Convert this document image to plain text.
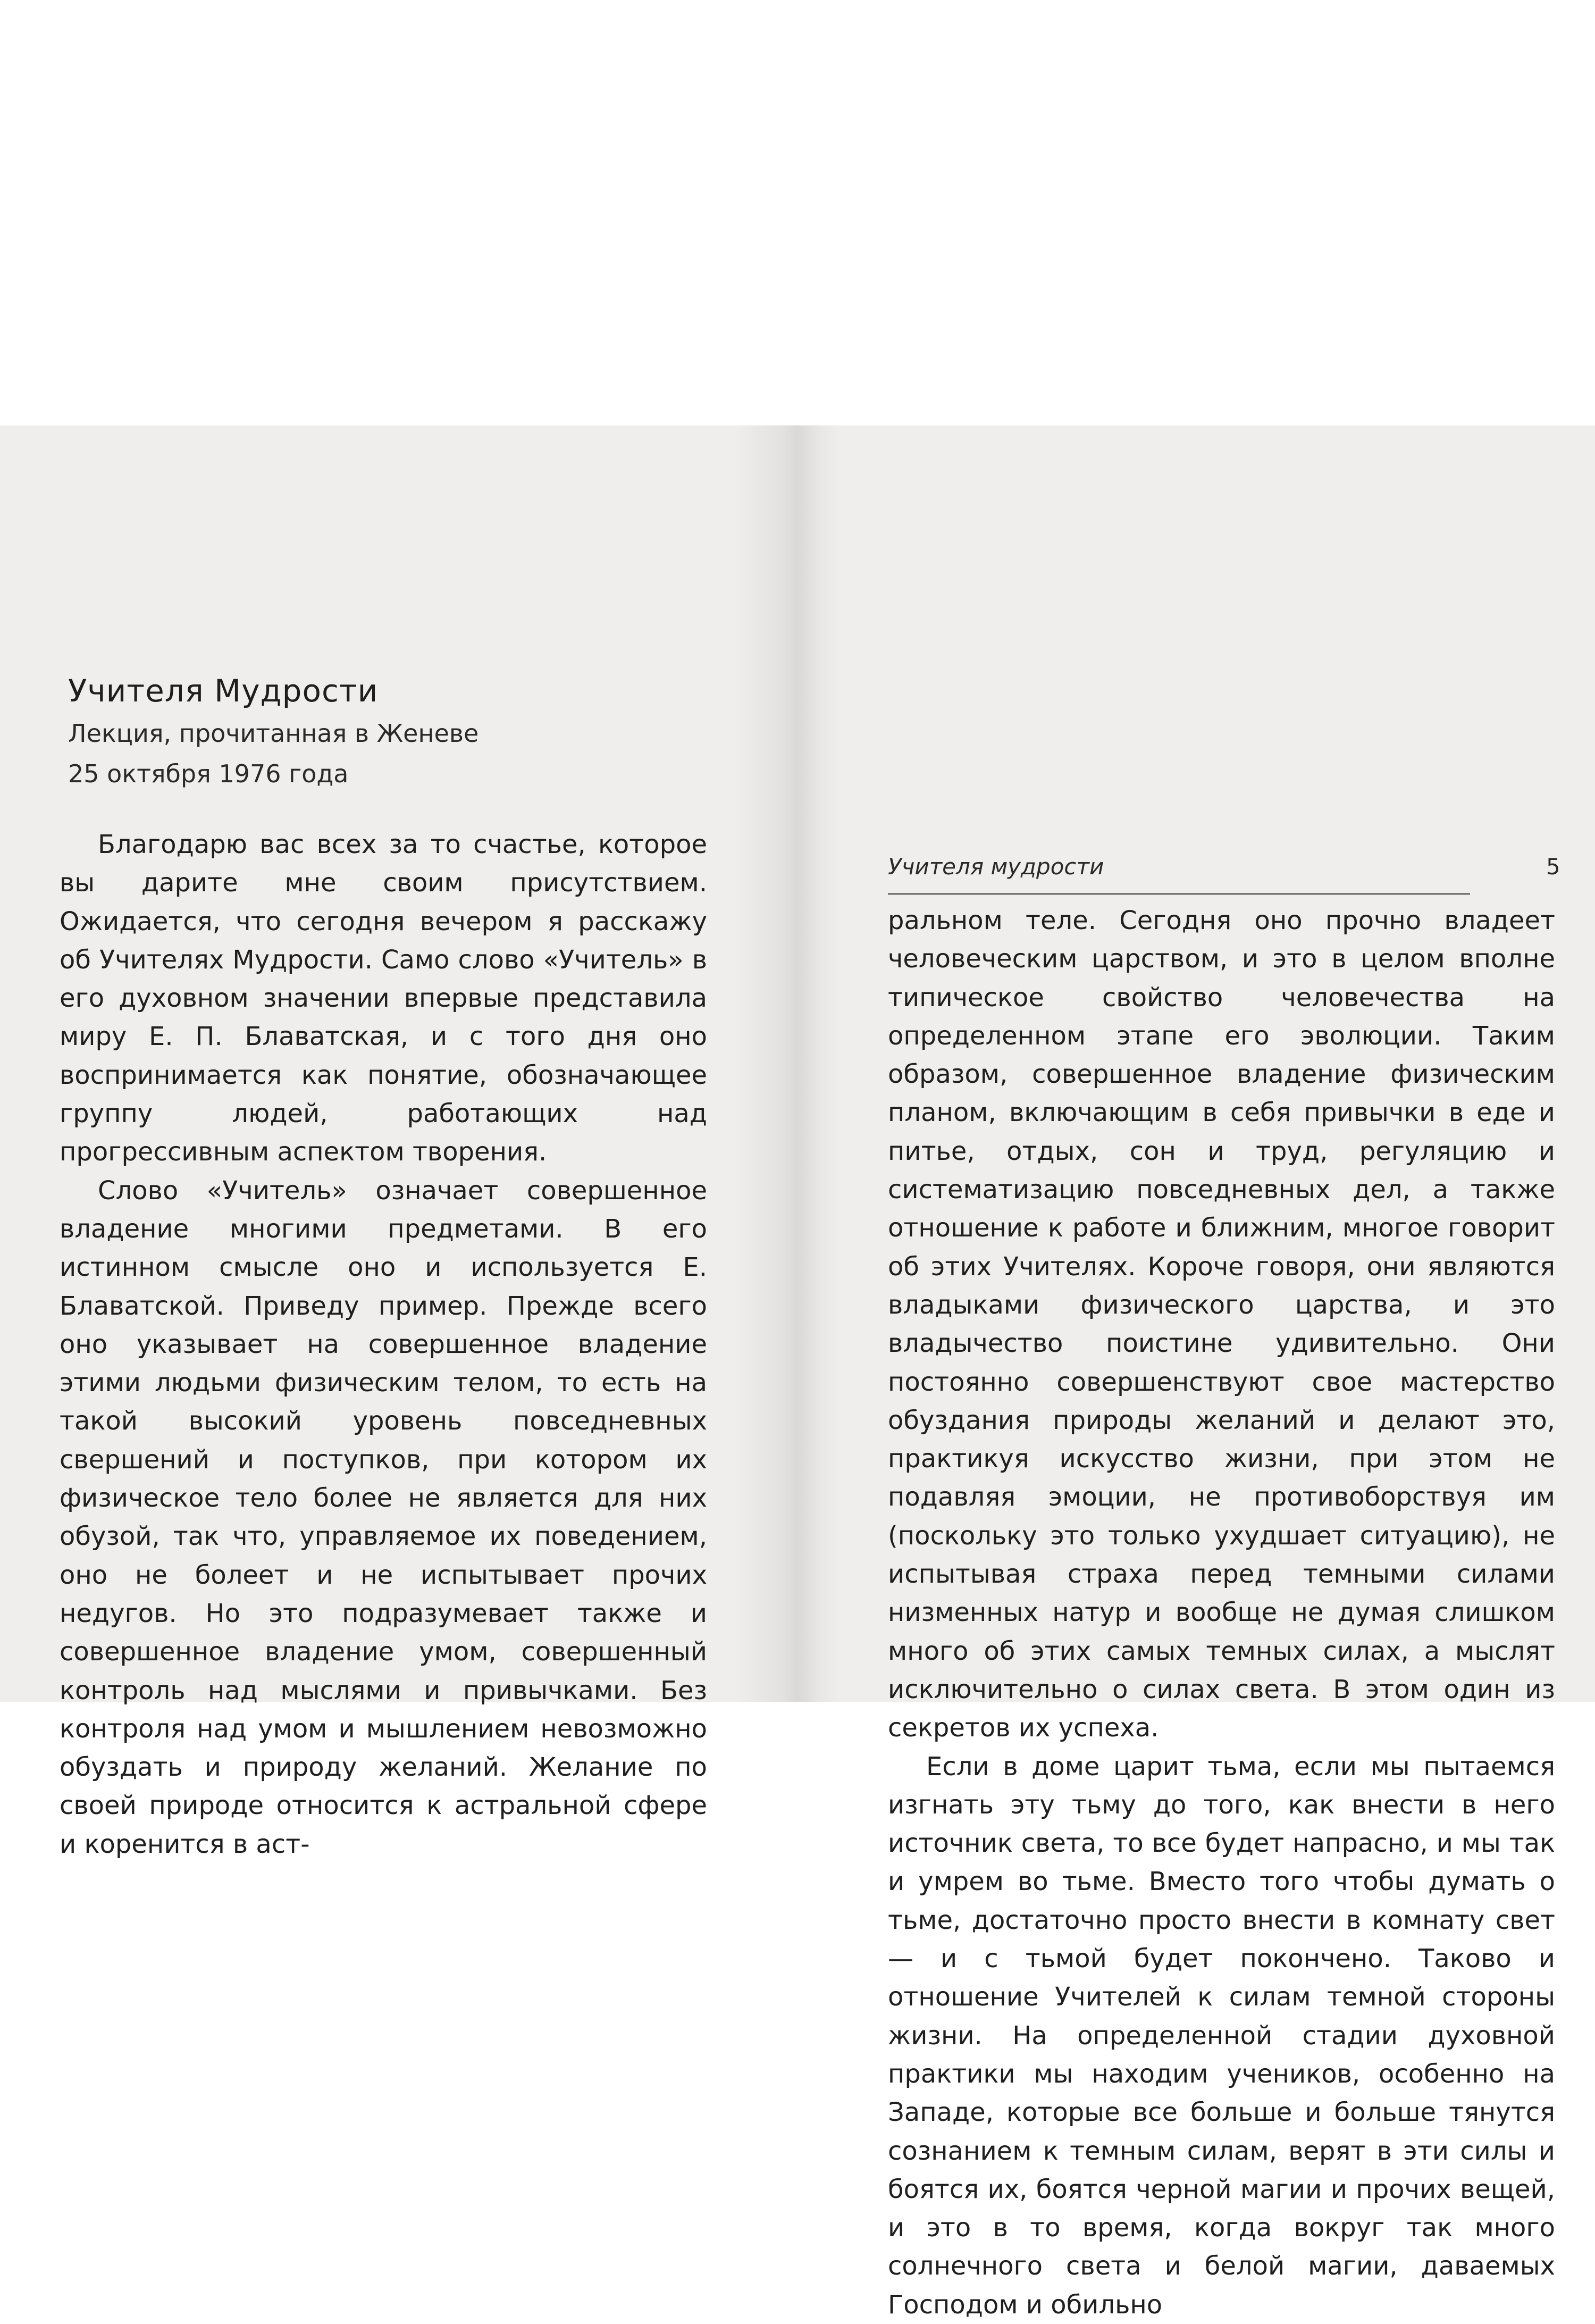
Учителя Мудрости

Лекция, прочитанная в Женеве

25 октября 1976 года

Благодарю вас всех за то счастье, которое вы дарите мне своим присутствием. Ожидается, что сегодня вечером я расскажу об Учителях Мудрости. Само слово «Учитель» в его духовном значении впервые представила миру Е. П. Блаватская, и с того дня оно воспринимается как понятие, обозначающее группу людей, работающих над прогрессивным аспектом творения.

Слово «Учитель» означает совершенное владение многими предметами. В его истинном смысле оно и используется Е. Блаватской. Приведу пример. Прежде всего оно указывает на совершенное владение этими людьми физическим телом, то есть на такой высокий уровень повседневных свершений и поступков, при котором их физическое тело более не является для них обузой, так что, управляемое их поведением, оно не болеет и не испытывает прочих недугов. Но это подразумевает также и совершенное владение умом, совершенный контроль над мыслями и привычками. Без контроля над умом и мышлением невозможно обуздать и природу желаний. Желание по своей природе относится к астральной сфере и коренится в аст-

Учителя мудрости	5

ральном теле. Сегодня оно прочно владеет человеческим царством, и это в целом вполне типическое свойство человечества на определенном этапе его эволюции. Таким образом, совершенное владение физическим планом, включающим в себя привычки в еде и питье, отдых, сон и труд, регуляцию и систематизацию повседневных дел, а также отношение к работе и ближним, многое говорит об этих Учителях. Короче говоря, они являются владыками физического царства, и это владычество поистине удивительно. Они постоянно совершенствуют свое мастерство обуздания природы желаний и делают это, практикуя искусство жизни, при этом не подавляя эмоции, не противоборствуя им (поскольку это только ухудшает ситуацию), не испытывая страха перед темными силами низменных натур и вообще не думая слишком много об этих самых темных силах, а мыслят исключительно о силах света. В этом один из секретов их успеха.

Если в доме царит тьма, если мы пытаемся изгнать эту тьму до того, как внести в него источник света, то все будет напрасно, и мы так и умрем во тьме. Вместо того чтобы думать о тьме, достаточно просто внести в комнату свет — и с тьмой будет покончено. Таково и отношение Учителей к силам темной стороны жизни. На определенной стадии духовной практики мы находим учеников, особенно на Западе, которые все больше и больше тянутся сознанием к темным силам, верят в эти силы и боятся их, боятся черной магии и прочих вещей, и это в то время, когда вокруг так много солнечного света и белой магии, даваемых Господом и обильно
